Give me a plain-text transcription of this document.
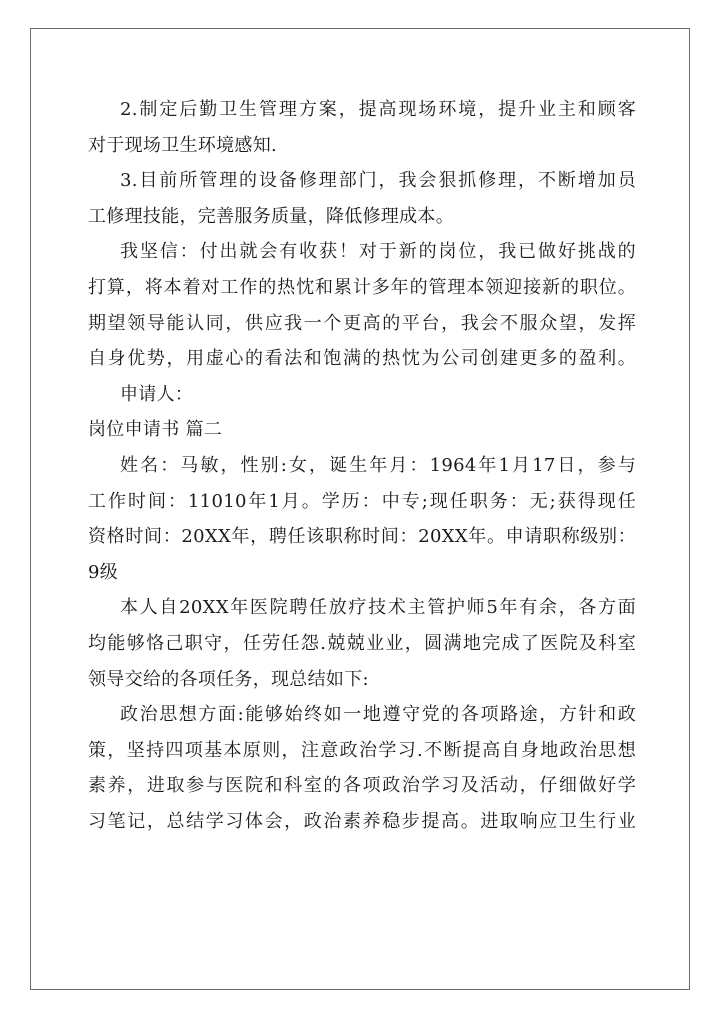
2.制定后勤卫生管理方案，提高现场环境，提升业主和顾客
对于现场卫生环境感知.
3.目前所管理的设备修理部门，我会狠抓修理，不断增加员
工修理技能，完善服务质量，降低修理成本。
我坚信：付出就会有收获！对于新的岗位，我已做好挑战的
打算，将本着对工作的热忱和累计多年的管理本领迎接新的职位。
期望领导能认同，供应我一个更高的平台，我会不服众望，发挥
自身优势，用虚心的看法和饱满的热忱为公司创建更多的盈利。
申请人：
岗位申请书 篇二
姓名：马敏，性别:女，诞生年月：1964年1月17日，参与
工作时间：11010年1月。学历：中专;现任职务：无;获得现任
资格时间：20XX年，聘任该职称时间：20XX年。申请职称级别：
9级
本人自20XX年医院聘任放疗技术主管护师5年有余，各方面
均能够恪己职守，任劳任怨.兢兢业业，圆满地完成了医院及科室
领导交给的各项任务，现总结如下:
政治思想方面:能够始终如一地遵守党的各项路途，方针和政
策，坚持四项基本原则，注意政治学习.不断提高自身地政治思想
素养，进取参与医院和科室的各项政治学习及活动，仔细做好学
习笔记，总结学习体会，政治素养稳步提高。进取响应卫生行业
